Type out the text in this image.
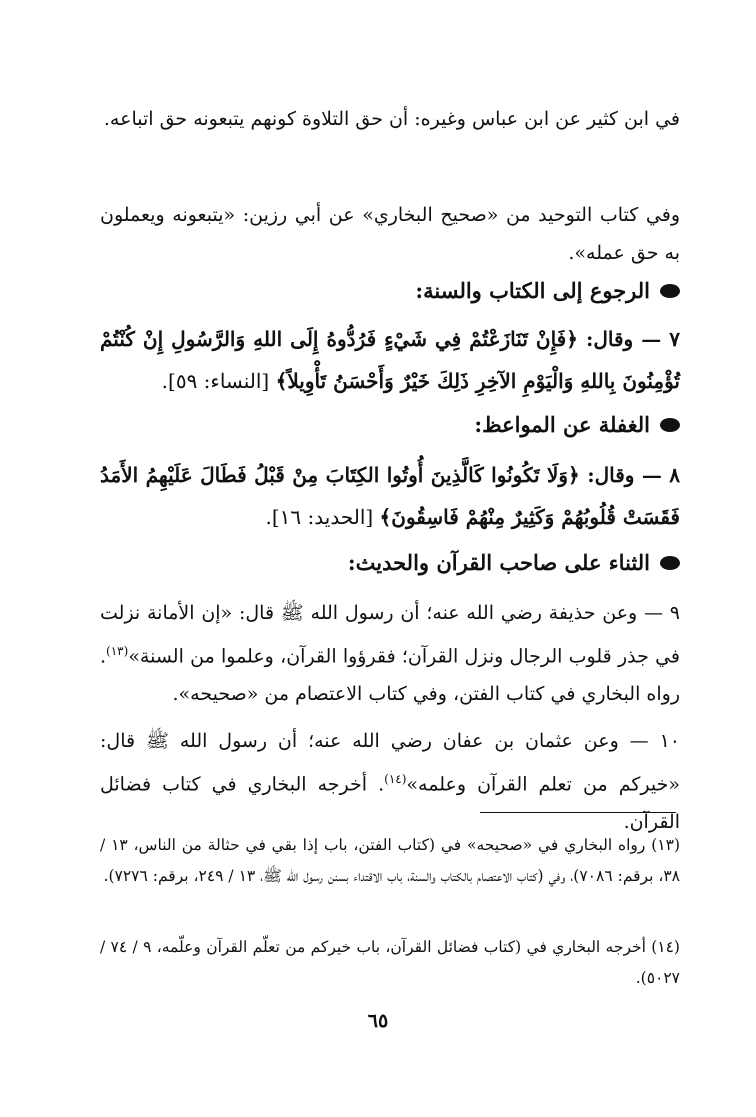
في ابن كثير عن ابن عباس وغيره: أن حق التلاوة كونهم يتبعونه حق اتباعه.

وفي كتاب التوحيد من «صحيح البخاري» عن أبي رزين: «يتبعونه ويعملون به حق عمله».

الرجوع إلى الكتاب والسنة:

٧ — وقال: ﴿فَإِنْ تَنَازَعْتُمْ فِي شَيْءٍ فَرُدُّوهُ إِلَى اللهِ وَالرَّسُولِ إِنْ كُنْتُمْ تُؤْمِنُونَ بِاللهِ وَالْيَوْمِ الآخِرِ ذَلِكَ خَيْرٌ وَأَحْسَنُ تَأْوِيلاً﴾ [النساء: ٥٩].

الغفلة عن المواعظ:

٨ — وقال: ﴿وَلَا تَكُونُوا كَالَّذِينَ أُوتُوا الكِتَابَ مِنْ قَبْلُ فَطَالَ عَلَيْهِمُ الأَمَدُ فَقَسَتْ قُلُوبُهُمْ وَكَثِيرٌ مِنْهُمْ فَاسِقُونَ﴾ [الحديد: ١٦].

الثناء على صاحب القرآن والحديث:

٩ — وعن حذيفة رضي الله عنه؛ أن رسول الله ﷺ قال: «إن الأمانة نزلت في جذر قلوب الرجال ونزل القرآن؛ فقرؤوا القرآن، وعلموا من السنة»$^{(١٣)}$. رواه البخاري في كتاب الفتن، وفي كتاب الاعتصام من «صحيحه».

١٠ — وعن عثمان بن عفان رضي الله عنه؛ أن رسول الله ﷺ قال: «خيركم من تعلم القرآن وعلمه»$^{(١٤)}$. أخرجه البخاري في كتاب فضائل القرآن.

(١٣) رواه البخاري في «صحيحه» في (كتاب الفتن، باب إذا بقي في حثالة من الناس، ١٣ / ٣٨، برقم: ٧٠٨٦)، وفي (كتاب الاعتصام بالكتاب والسنة، باب الاقتداء بسنن رسول الله ﷺ، ١٣ / ٢٤٩، برقم: ٧٢٧٦).

(١٤) أخرجه البخاري في (كتاب فضائل القرآن، باب خيركم من تعلّم القرآن وعلّمه، ٩ / ٧٤ / ٥٠٢٧).

٦٥
